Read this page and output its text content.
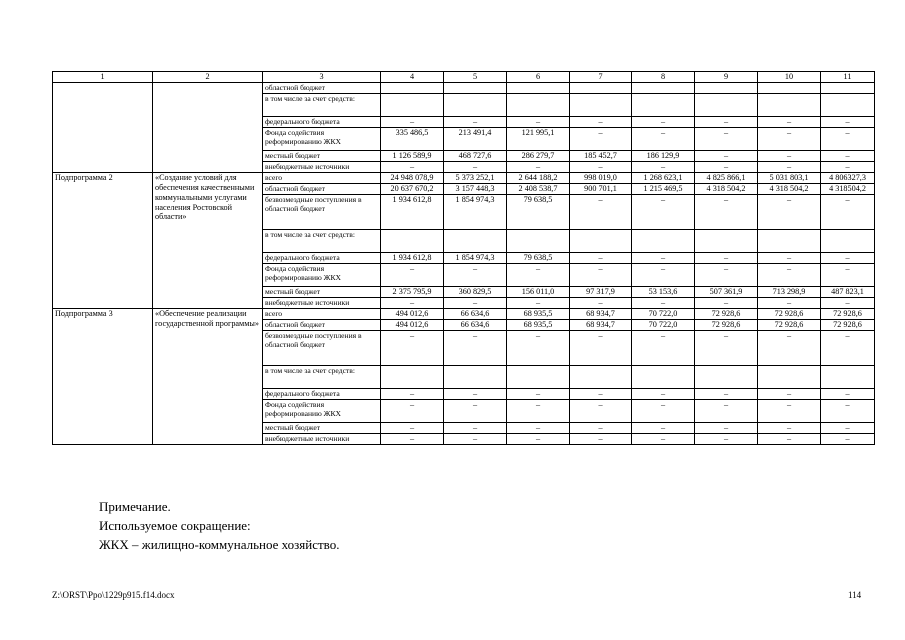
1	2	3	4	5	6	7	8	9	10	11
		областной бюджет								
		в том числе за счет средств:								
		федерального бюджета	–	–	–	–	–	–	–	–
		Фонда содействия реформированию ЖКХ	335 486,5	213 491,4	121 995,1	–	–	–	–	–
		местный бюджет	1 126 589,9	468 727,6	286 279,7	185 452,7	186 129,9	–	–	–
		внебюджетные источники	–	–	–	–	–	–	–	–
Подпрограмма 2	«Создание условий для обеспечения качественными коммунальными услугами населения Ростовской области»	всего	24 948 078,9	5 373 252,1	2 644 188,2	998 019,0	1 268 623,1	4 825 866,1	5 031 803,1	4 806327,3
		областной бюджет	20 637 670,2	3 157 448,3	2 408 538,7	900 701,1	1 215 469,5	4 318 504,2	4 318 504,2	4 318504,2
		безвозмездные поступления в областной бюджет	1 934 612,8	1 854 974,3	79 638,5	–	–	–	–	–
		в том числе за счет средств:								
		федерального бюджета	1 934 612,8	1 854 974,3	79 638,5	–	–	–	–	–
		Фонда содействия реформированию ЖКХ	–	–	–	–	–	–	–	–
		местный бюджет	2 375 795,9	360 829,5	156 011,0	97 317,9	53 153,6	507 361,9	713 298,9	487 823,1
		внебюджетные источники	–	–	–	–	–	–	–	–
Подпрограмма 3	«Обеспечение реализации государственной программы»	всего	494 012,6	66 634,6	68 935,5	68 934,7	70 722,0	72 928,6	72 928,6	72 928,6
		областной бюджет	494 012,6	66 634,6	68 935,5	68 934,7	70 722,0	72 928,6	72 928,6	72 928,6
		безвозмездные поступления в областной бюджет	–	–	–	–	–	–	–	–
		в том числе за счет средств:								
		федерального бюджета	–	–	–	–	–	–	–	–
		Фонда содействия реформированию ЖКХ	–	–	–	–	–	–	–	–
		местный бюджет	–	–	–	–	–	–	–	–
		внебюджетные источники	–	–	–	–	–	–	–	–
Примечание.
Используемое сокращение:
ЖКХ – жилищно-коммунальное хозяйство.
Z:\ORST\Ppo\1229p915.f14.docx	114
